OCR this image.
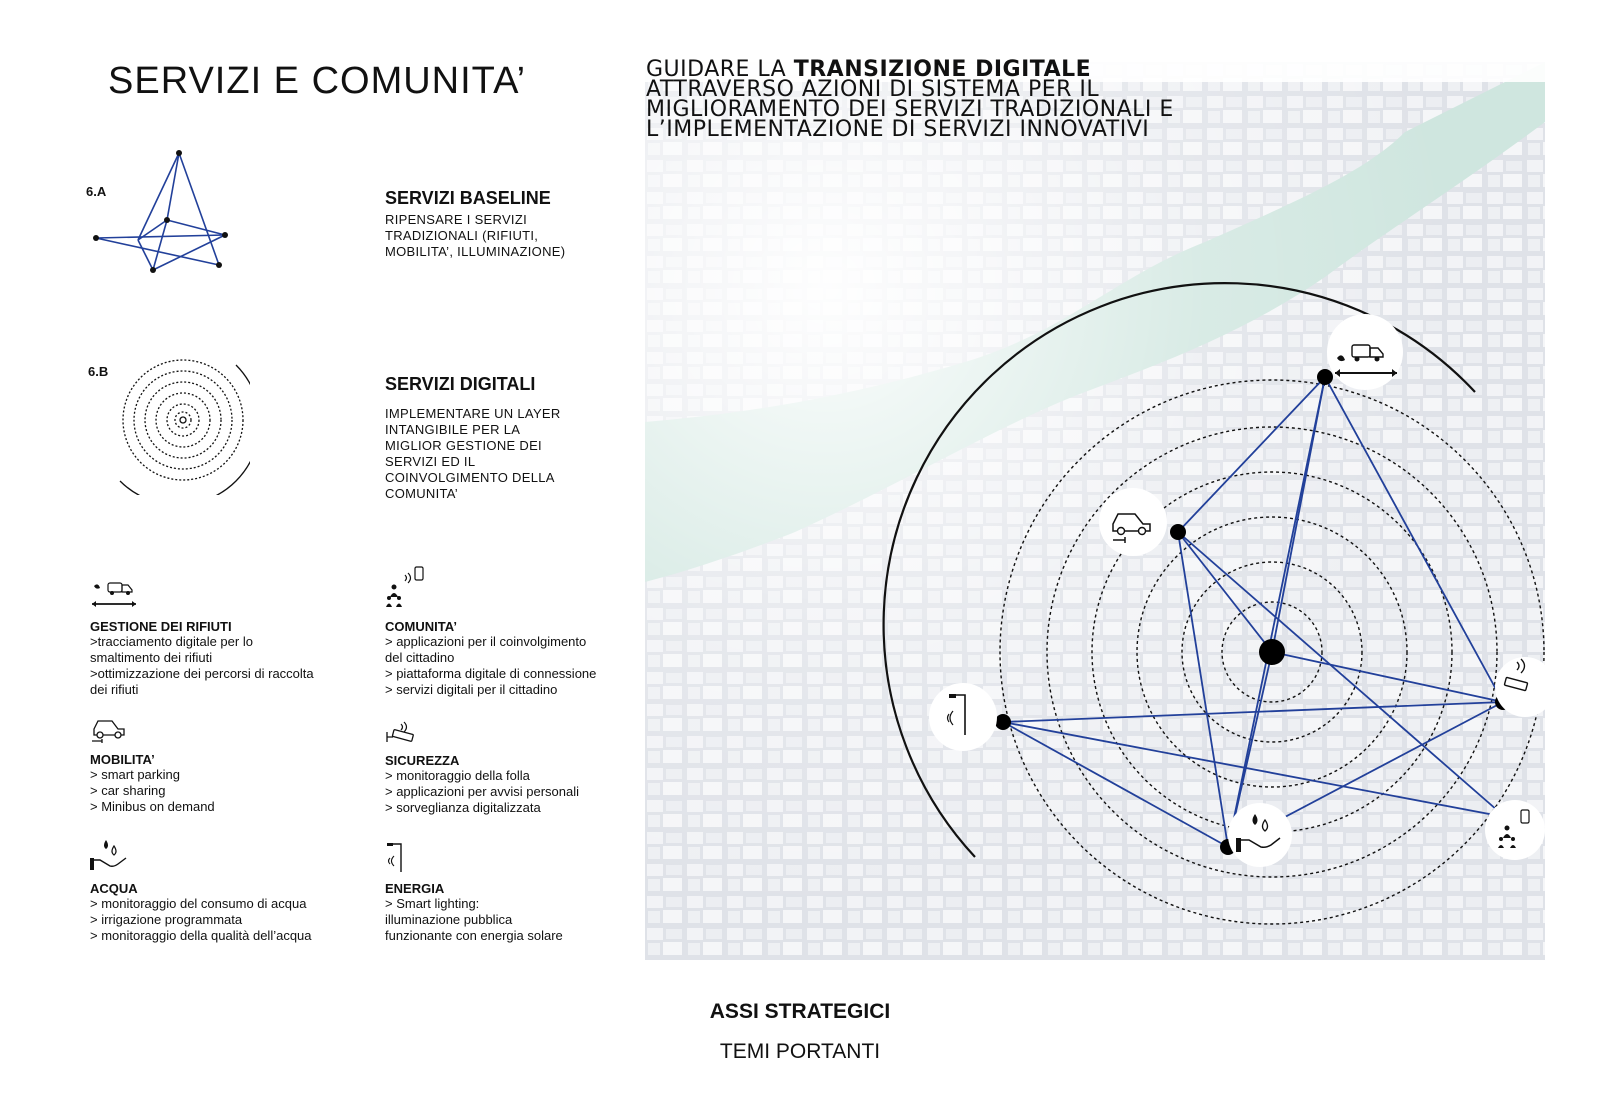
SERVIZI E COMUNITA’
6.A	SERVIZI BASELINE
RIPENSARE I SERVIZI
TRADIZIONALI (RIFIUTI,
MOBILITA’, ILLUMINAZIONE)
6.B
SERVIZI DIGITALI
IMPLEMENTARE UN LAYER
INTANGIBILE PER LA
MIGLIOR GESTIONE DEI
SERVIZI ED IL
COINVOLGIMENTO DELLA
COMUNITA’
GESTIONE DEI RIFIUTI
>tracciamento digitale per lo
smaltimento dei rifiuti
>ottimizzazione dei percorsi di raccolta
dei rifiuti
COMUNITA’
> applicazioni per il coinvolgimento
del cittadino
> piattaforma digitale di connessione
> servizi digitali per il cittadino
MOBILITA’
> smart parking
> car sharing
> Minibus on demand
SICUREZZA
> monitoraggio della folla
> applicazioni per avvisi personali
> sorveglianza digitalizzata
ACQUA
> monitoraggio del consumo di acqua
> irrigazione programmata
> monitoraggio della qualità dell’acqua
ENERGIA
> Smart lighting:
illuminazione pubblica
funzionante con energia solare
GUIDARE LA TRANSIZIONE DIGITALE ATTRAVERSO AZIONI DI SISTEMA PER IL MIGLIORAMENTO DEI SERVIZI TRADIZIONALI E L’IMPLEMENTAZIONE DI SERVIZI INNOVATIVI
ASSI STRATEGICI
TEMI PORTANTI
